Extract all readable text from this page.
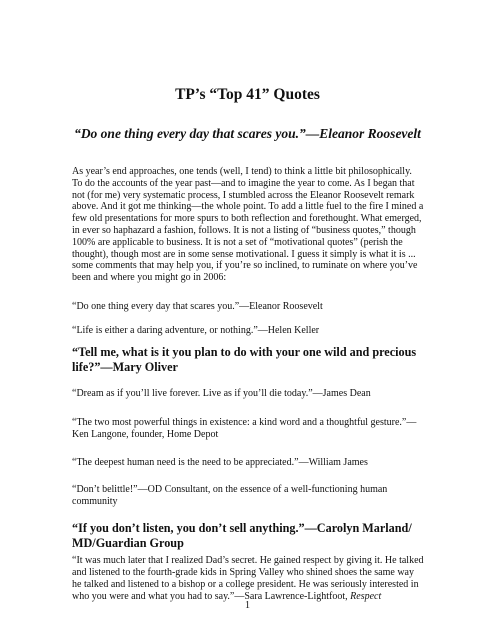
TP’s “Top 41” Quotes
“Do one thing every day that scares you.”—Eleanor Roosevelt

As year’s end approaches, one tends (well, I tend) to think a little bit philosophically. To do the accounts of the year past—and to imagine the year to come. As I began that not (for me) very systematic process, I stumbled across the Eleanor Roosevelt remark above. And it got me thinking—the whole point. To add a little fuel to the fire I mined a few old presentations for more spurs to both reflection and forethought. What emerged, in ever so haphazard a fashion, follows. It is not a listing of “business quotes,” though 100% are applicable to business. It is not a set of “motivational quotes” (perish the thought), though most are in some sense motivational. I guess it simply is what it is ... some comments that may help you, if you’re so inclined, to ruminate on where you’ve been and where you might go in 2006:

“Do one thing every day that scares you.”—Eleanor Roosevelt

“Life is either a daring adventure, or nothing.”—Helen Keller

“Tell me, what is it you plan to do with your one wild and precious life?”—Mary Oliver

“Dream as if you’ll live forever. Live as if you’ll die today.”—James Dean

“The two most powerful things in existence: a kind word and a thoughtful gesture.”—Ken Langone, founder, Home Depot

“The deepest human need is the need to be appreciated.”—William James

“Don’t belittle!”—OD Consultant, on the essence of a well-functioning human community

“If you don’t listen, you don’t sell anything.”—Carolyn Marland/ MD/Guardian Group

“It was much later that I realized Dad’s secret. He gained respect by giving it. He talked and listened to the fourth-grade kids in Spring Valley who shined shoes the same way he talked and listened to a bishop or a college president. He was seriously interested in who you were and what you had to say.”—Sara Lawrence-Lightfoot, Respect

1
